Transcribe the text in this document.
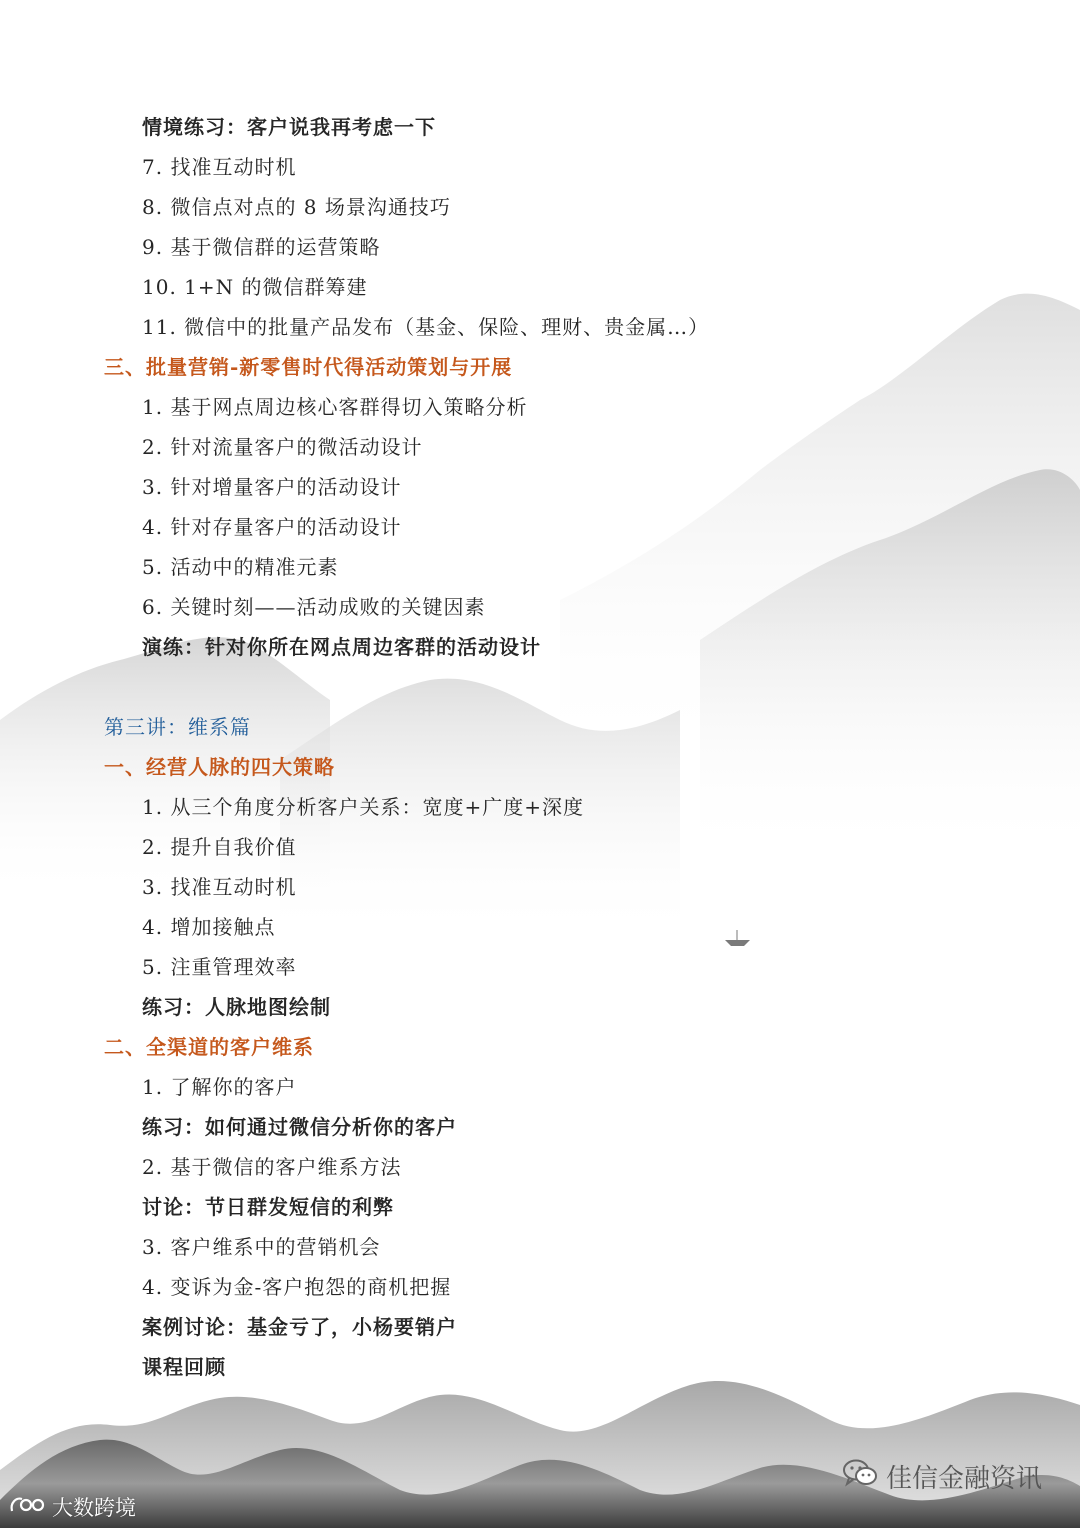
情境练习：客户说我再考虑一下
7. 找准互动时机
8. 微信点对点的 8 场景沟通技巧
9. 基于微信群的运营策略
10. 1+N 的微信群筹建
11. 微信中的批量产品发布（基金、保险、理财、贵金属…）
三、批量营销-新零售时代得活动策划与开展
1. 基于网点周边核心客群得切入策略分析
2. 针对流量客户的微活动设计
3. 针对增量客户的活动设计
4. 针对存量客户的活动设计
5. 活动中的精准元素
6. 关键时刻——活动成败的关键因素
演练：针对你所在网点周边客群的活动设计
第三讲：维系篇
一、经营人脉的四大策略
1. 从三个角度分析客户关系：宽度+广度+深度
2. 提升自我价值
3. 找准互动时机
4. 增加接触点
5. 注重管理效率
练习：人脉地图绘制
二、全渠道的客户维系
1. 了解你的客户
练习：如何通过微信分析你的客户
2. 基于微信的客户维系方法
讨论：节日群发短信的利弊
3. 客户维系中的营销机会
4. 变诉为金-客户抱怨的商机把握
案例讨论：基金亏了，小杨要销户
课程回顾
大数跨境
佳信金融资讯
